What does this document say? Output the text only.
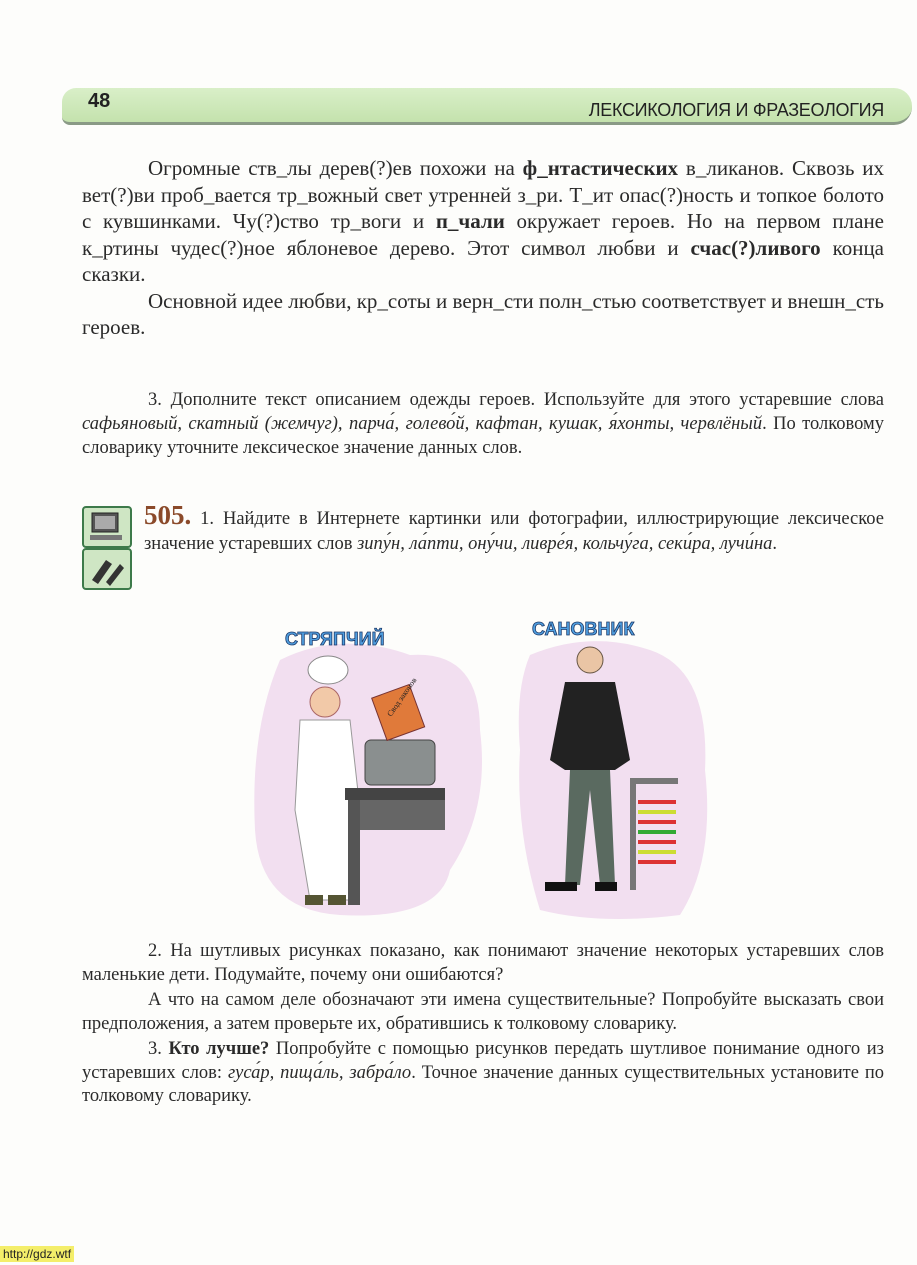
48	ЛЕКСИКОЛОГИЯ И ФРАЗЕОЛОГИЯ

Огромные ств_лы дерев(?)ев похожи на ф_нтастических в_ликанов. Сквозь их вет(?)ви проб_вается тр_вожный свет утренней з_ри. Т_ит опас(?)ность и топкое болото с кувшинками. Чу(?)ство тр_воги и п_чали окружает героев. Но на первом плане к_ртины чудес(?)ное яблоневое дерево. Этот символ любви и счас(?)ливого конца сказки.

Основной идее любви, кр_соты и верн_сти полн_стью соответствует и внешн_сть героев.

3. Дополните текст описанием одежды героев. Используйте для этого устаревшие слова сафьяновый, скатный (жемчуг), парча́, голево́й, кафтан, кушак, я́хонты, червлёный. По толковому словарику уточните лексическое значение данных слов.

505. 1. Найдите в Интернете картинки или фотографии, иллюстрирующие лексическое значение устаревших слов зипу́н, ла́пти, ону́чи, ливре́я, кольчу́га, секи́ра, лучи́на.

Свод законов
СТРЯПЧИЙ	САНОВНИК

2. На шутливых рисунках показано, как понимают значение некоторых устаревших слов маленькие дети. Подумайте, почему они ошибаются?

А что на самом деле обозначают эти имена существительные? Попробуйте высказать свои предположения, а затем проверьте их, обратившись к толковому словарику.

3. Кто лучше? Попробуйте с помощью рисунков передать шутливое понимание одного из устаревших слов: гуса́р, пища́ль, забра́ло. Точное значение данных существительных установите по толковому словарику.

http://gdz.wtf
